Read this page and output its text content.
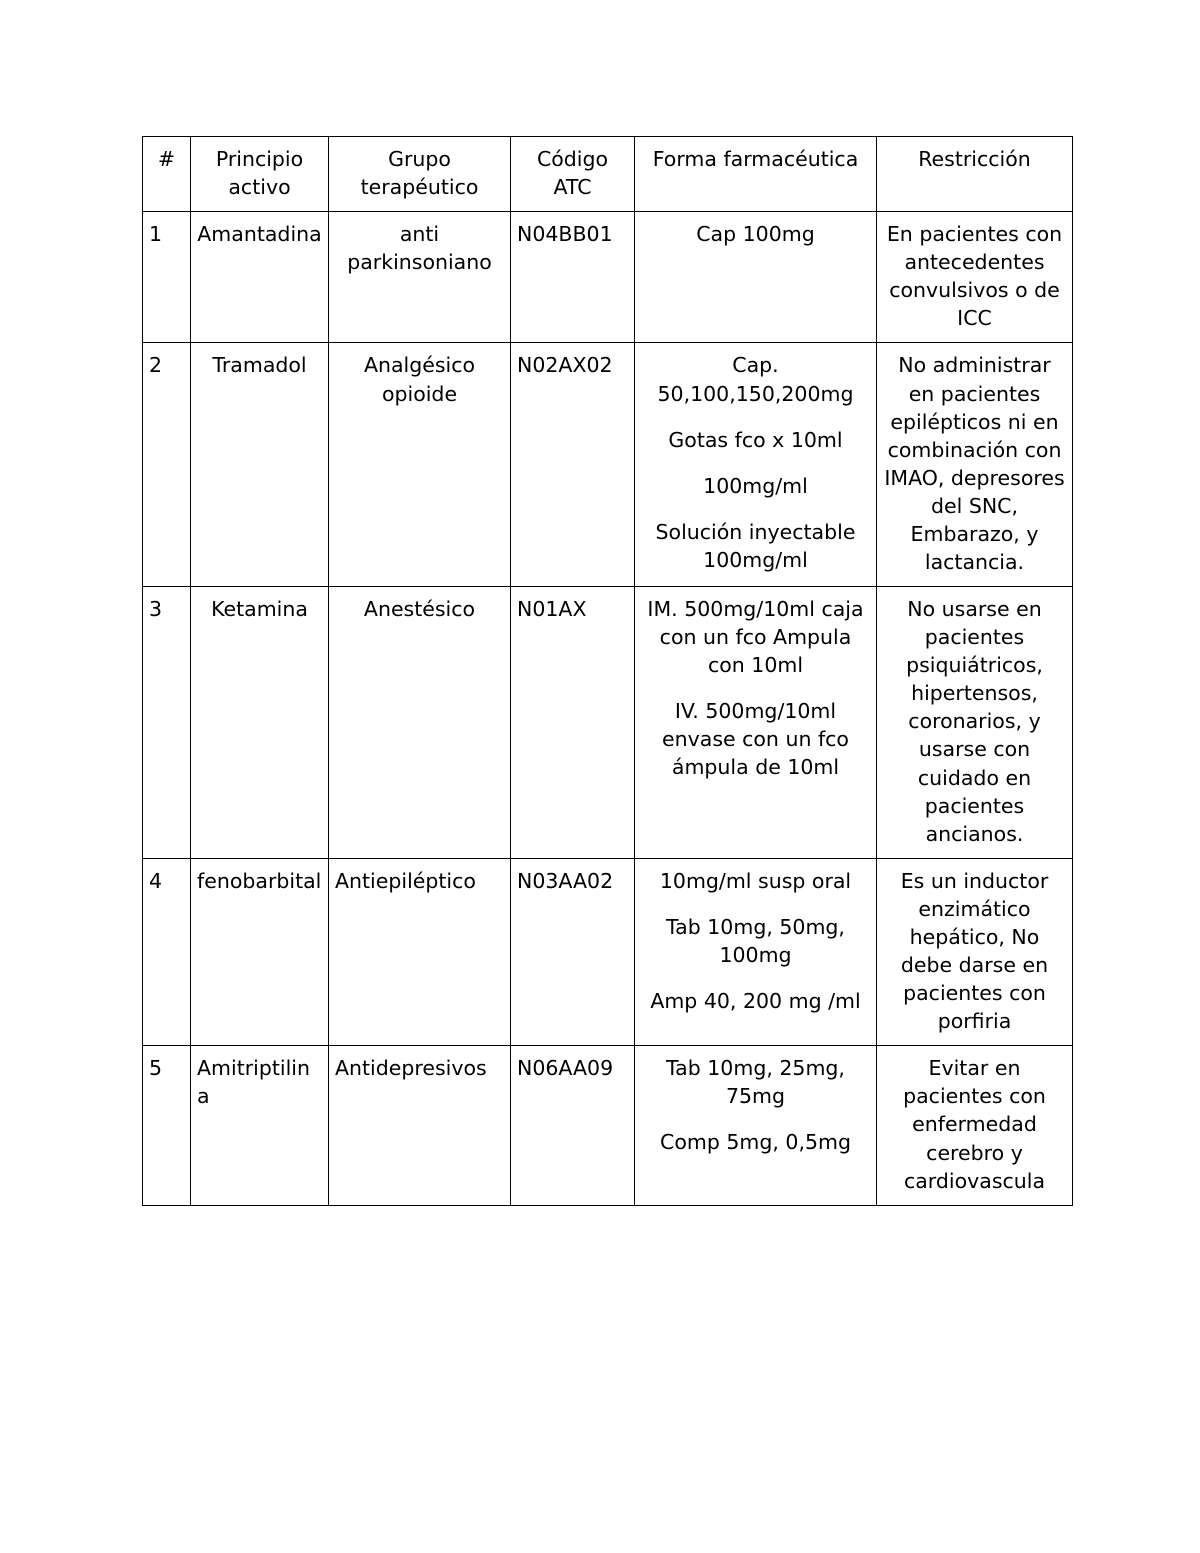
#	Principio activo	Grupo terapéutico	Código ATC	Forma farmacéutica	Restricción
1	Amantadina	anti parkinsoniano	N04BB01	Cap 100mg	En pacientes con antecedentes convulsivos o de ICC
2	Tramadol	Analgésico opioide	N02AX02	Cap. 50,100,150,200mg

Gotas fco x 10ml

100mg/ml

Solución inyectable 100mg/ml	No administrar en pacientes epilépticos ni en combinación con IMAO, depresores del SNC, Embarazo, y lactancia.
3	Ketamina	Anestésico	N01AX	IM. 500mg/10ml caja con un fco Ampula con 10ml

IV. 500mg/10ml envase con un fco ámpula de 10ml	No usarse en pacientes psiquiátricos, hipertensos, coronarios, y usarse con cuidado en pacientes ancianos.
4	fenobarbital	Antiepiléptico	N03AA02	10mg/ml susp oral

Tab 10mg, 50mg, 100mg

Amp 40, 200 mg /ml	Es un inductor enzimático hepático, No debe darse en pacientes con porfiria
5	Amitriptilina	Antidepresivos	N06AA09	Tab 10mg, 25mg, 75mg

Comp 5mg, 0,5mg	Evitar en pacientes con enfermedad cerebro y cardiovascula
